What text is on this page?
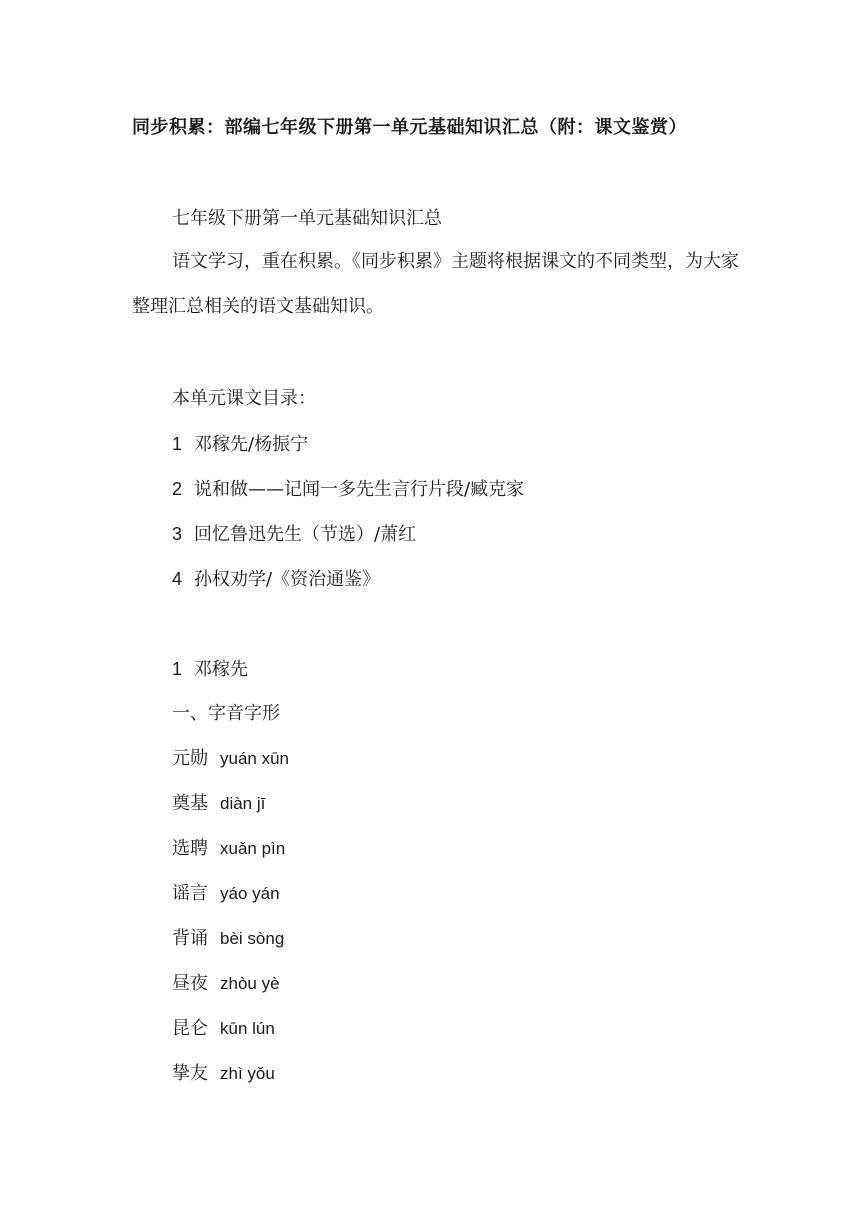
同步积累：部编七年级下册第一单元基础知识汇总（附：课文鉴赏）
七年级下册第一单元基础知识汇总
语文学习，重在积累。《同步积累》主题将根据课文的不同类型，为大家整理汇总相关的语文基础知识。
本单元课文目录：
1 邓稼先/杨振宁
2 说和做——记闻一多先生言行片段/臧克家
3 回忆鲁迅先生（节选）/萧红
4 孙权劝学/《资治通鉴》
1 邓稼先
一、字音字形
元勋 yuán xūn
奠基 diàn jī
选聘 xuǎn pìn
谣言 yáo yán
背诵 bèi sòng
昼夜 zhòu yè
昆仑 kūn lún
挚友 zhì yǒu
